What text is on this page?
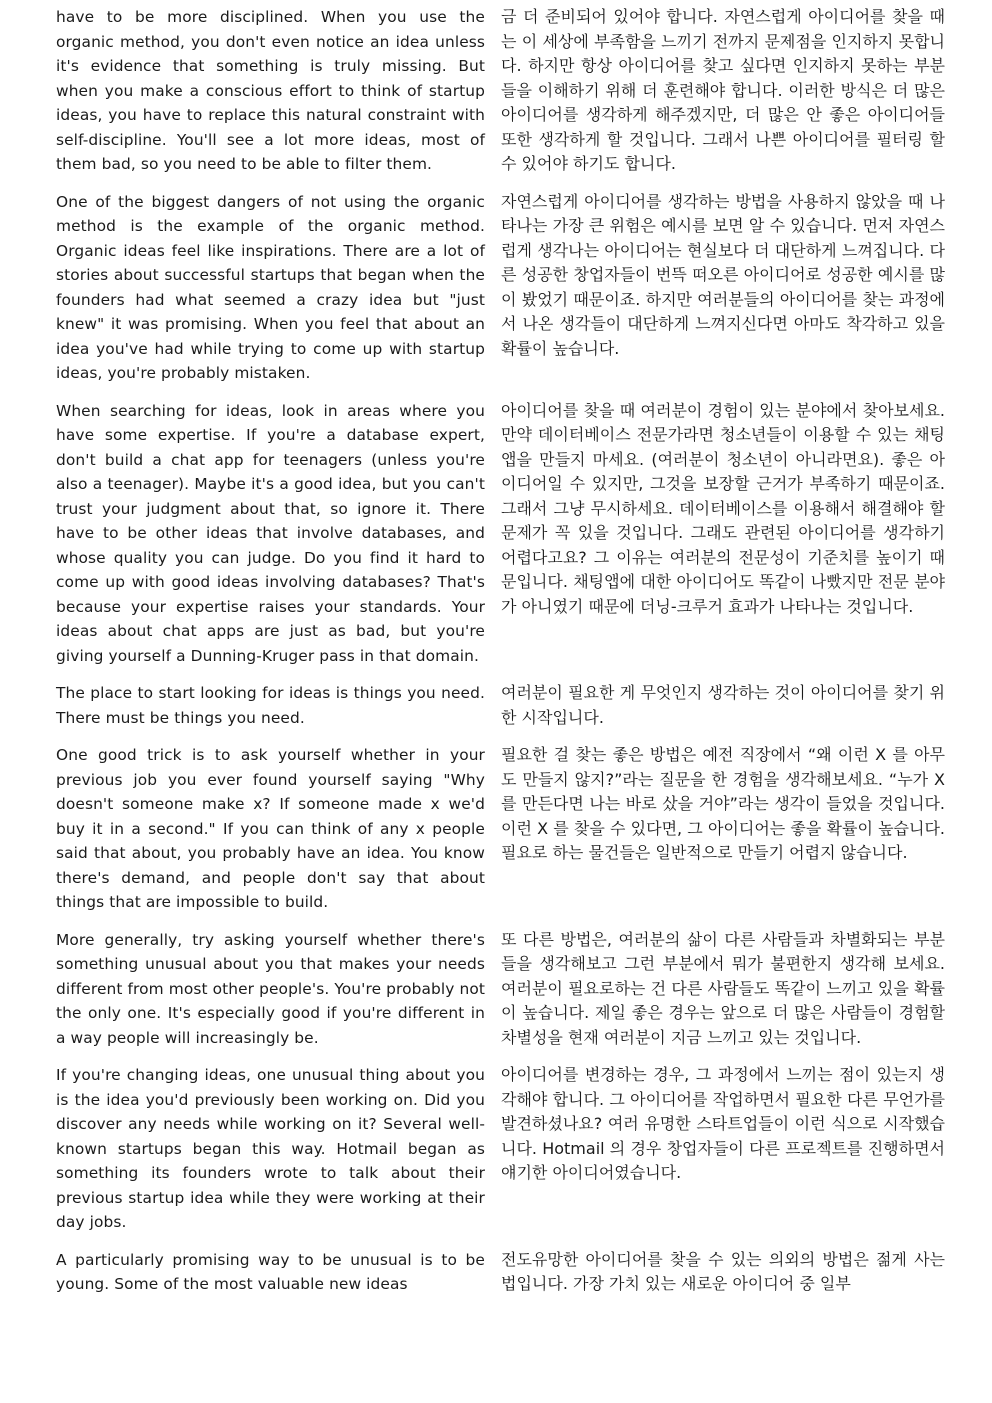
have to be more disciplined. When you use the organic method, you don't even notice an idea unless it's evidence that something is truly missing. But when you make a conscious effort to think of startup ideas, you have to replace this natural constraint with self-discipline. You'll see a lot more ideas, most of them bad, so you need to be able to filter them.

금 더 준비되어 있어야 합니다. 자연스럽게 아이디어를 찾을 때는 이 세상에 부족함을 느끼기 전까지 문제점을 인지하지 못합니다. 하지만 항상 아이디어를 찾고 싶다면 인지하지 못하는 부분들을 이해하기 위해 더 훈련해야 합니다. 이러한 방식은 더 많은 아이디어를 생각하게 해주겠지만, 더 많은 안 좋은 아이디어들 또한 생각하게 할 것입니다. 그래서 나쁜 아이디어를 필터링 할 수 있어야 하기도 합니다.

One of the biggest dangers of not using the organic method is the example of the organic method. Organic ideas feel like inspirations. There are a lot of stories about successful startups that began when the founders had what seemed a crazy idea but "just knew" it was promising. When you feel that about an idea you've had while trying to come up with startup ideas, you're probably mistaken.

자연스럽게 아이디어를 생각하는 방법을 사용하지 않았을 때 나타나는 가장 큰 위험은 예시를 보면 알 수 있습니다. 먼저 자연스럽게 생각나는 아이디어는 현실보다 더 대단하게 느껴집니다. 다른 성공한 창업자들이 번뜩 떠오른 아이디어로 성공한 예시를 많이 봤었기 때문이죠. 하지만 여러분들의 아이디어를 찾는 과정에서 나온 생각들이 대단하게 느껴지신다면 아마도 착각하고 있을 확률이 높습니다.

When searching for ideas, look in areas where you have some expertise. If you're a database expert, don't build a chat app for teenagers (unless you're also a teenager). Maybe it's a good idea, but you can't trust your judgment about that, so ignore it. There have to be other ideas that involve databases, and whose quality you can judge. Do you find it hard to come up with good ideas involving databases? That's because your expertise raises your standards. Your ideas about chat apps are just as bad, but you're giving yourself a Dunning-Kruger pass in that domain.

아이디어를 찾을 때 여러분이 경험이 있는 분야에서 찾아보세요. 만약 데이터베이스 전문가라면 청소년들이 이용할 수 있는 채팅 앱을 만들지 마세요. (여러분이 청소년이 아니라면요). 좋은 아이디어일 수 있지만, 그것을 보장할 근거가 부족하기 때문이죠. 그래서 그냥 무시하세요. 데이터베이스를 이용해서 해결해야 할 문제가 꼭 있을 것입니다. 그래도 관련된 아이디어를 생각하기 어렵다고요? 그 이유는 여러분의 전문성이 기준치를 높이기 때문입니다. 채팅앱에 대한 아이디어도 똑같이 나빴지만 전문 분야가 아니였기 때문에 더닝-크루거 효과가 나타나는 것입니다.

The place to start looking for ideas is things you need. There must be things you need.

여러분이 필요한 게 무엇인지 생각하는 것이 아이디어를 찾기 위한 시작입니다.

One good trick is to ask yourself whether in your previous job you ever found yourself saying "Why doesn't someone make x? If someone made x we'd buy it in a second." If you can think of any x people said that about, you probably have an idea. You know there's demand, and people don't say that about things that are impossible to build.

필요한 걸 찾는 좋은 방법은 예전 직장에서 “왜 이런 X 를 아무도 만들지 않지?”라는 질문을 한 경험을 생각해보세요. “누가 X 를 만든다면 나는 바로 샀을 거야”라는 생각이 들었을 것입니다. 이런 X 를 찾을 수 있다면, 그 아이디어는 좋을 확률이 높습니다. 필요로 하는 물건들은 일반적으로 만들기 어렵지 않습니다.

More generally, try asking yourself whether there's something unusual about you that makes your needs different from most other people's. You're probably not the only one. It's especially good if you're different in a way people will increasingly be.

또 다른 방법은, 여러분의 삶이 다른 사람들과 차별화되는 부분들을 생각해보고 그런 부분에서 뭐가 불편한지 생각해 보세요. 여러분이 필요로하는 건 다른 사람들도 똑같이 느끼고 있을 확률이 높습니다. 제일 좋은 경우는 앞으로 더 많은 사람들이 경험할 차별성을 현재 여러분이 지금 느끼고 있는 것입니다.

If you're changing ideas, one unusual thing about you is the idea you'd previously been working on. Did you discover any needs while working on it? Several well-known startups began this way. Hotmail began as something its founders wrote to talk about their previous startup idea while they were working at their day jobs.

아이디어를 변경하는 경우, 그 과정에서 느끼는 점이 있는지 생각해야 합니다. 그 아이디어를 작업하면서 필요한 다른 무언가를 발견하셨나요? 여러 유명한 스타트업들이 이런 식으로 시작했습니다. Hotmail 의 경우 창업자들이 다른 프로젝트를 진행하면서 얘기한 아이디어였습니다.

A particularly promising way to be unusual is to be young. Some of the most valuable new ideas

전도유망한 아이디어를 찾을 수 있는 의외의 방법은 젊게 사는 법입니다. 가장 가치 있는 새로운 아이디어 중 일부
